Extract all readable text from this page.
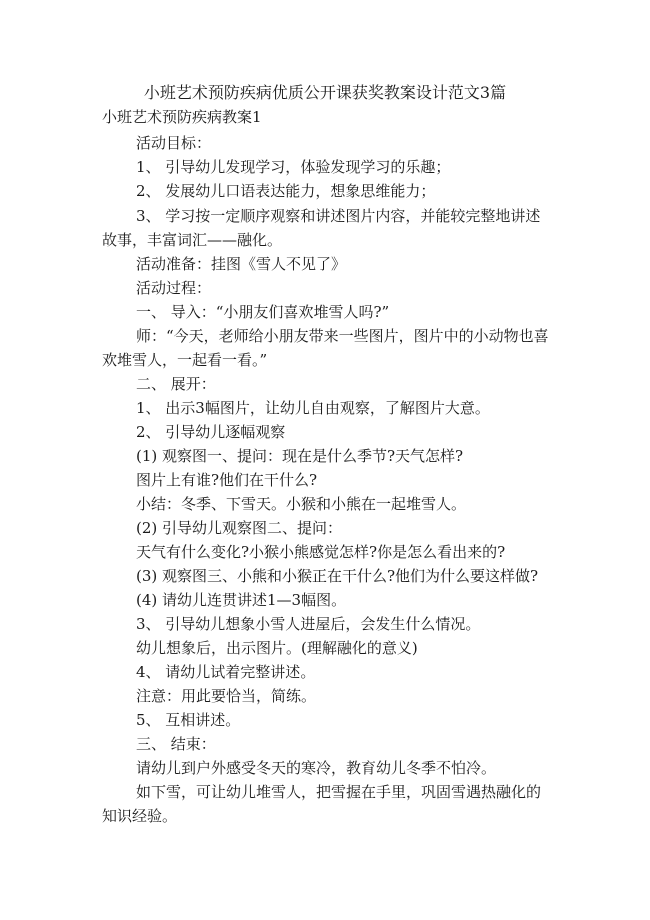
小班艺术预防疾病优质公开课获奖教案设计范文3篇
小班艺术预防疾病教案1
活动目标：
1、 引导幼儿发现学习，体验发现学习的乐趣；
2、 发展幼儿口语表达能力，想象思维能力；
3、 学习按一定顺序观察和讲述图片内容，并能较完整地讲述
故事，丰富词汇——融化。
活动准备：挂图《雪人不见了》
活动过程：
一、 导入：“小朋友们喜欢堆雪人吗?”
师：“今天，老师给小朋友带来一些图片，图片中的小动物也喜
欢堆雪人，一起看一看。”
二、 展开：
1、 出示3幅图片，让幼儿自由观察，了解图片大意。
2、 引导幼儿逐幅观察
(1) 观察图一、提问：现在是什么季节?天气怎样?
图片上有谁?他们在干什么?
小结：冬季、下雪天。小猴和小熊在一起堆雪人。
(2) 引导幼儿观察图二、提问：
天气有什么变化?小猴小熊感觉怎样?你是怎么看出来的?
(3) 观察图三、小熊和小猴正在干什么?他们为什么要这样做?
(4) 请幼儿连贯讲述1—3幅图。
3、 引导幼儿想象小雪人进屋后，会发生什么情况。
幼儿想象后，出示图片。(理解融化的意义)
4、 请幼儿试着完整讲述。
注意：用此要恰当，简练。
5、 互相讲述。
三、 结束：
请幼儿到户外感受冬天的寒冷，教育幼儿冬季不怕冷。
如下雪，可让幼儿堆雪人，把雪握在手里，巩固雪遇热融化的
知识经验。
